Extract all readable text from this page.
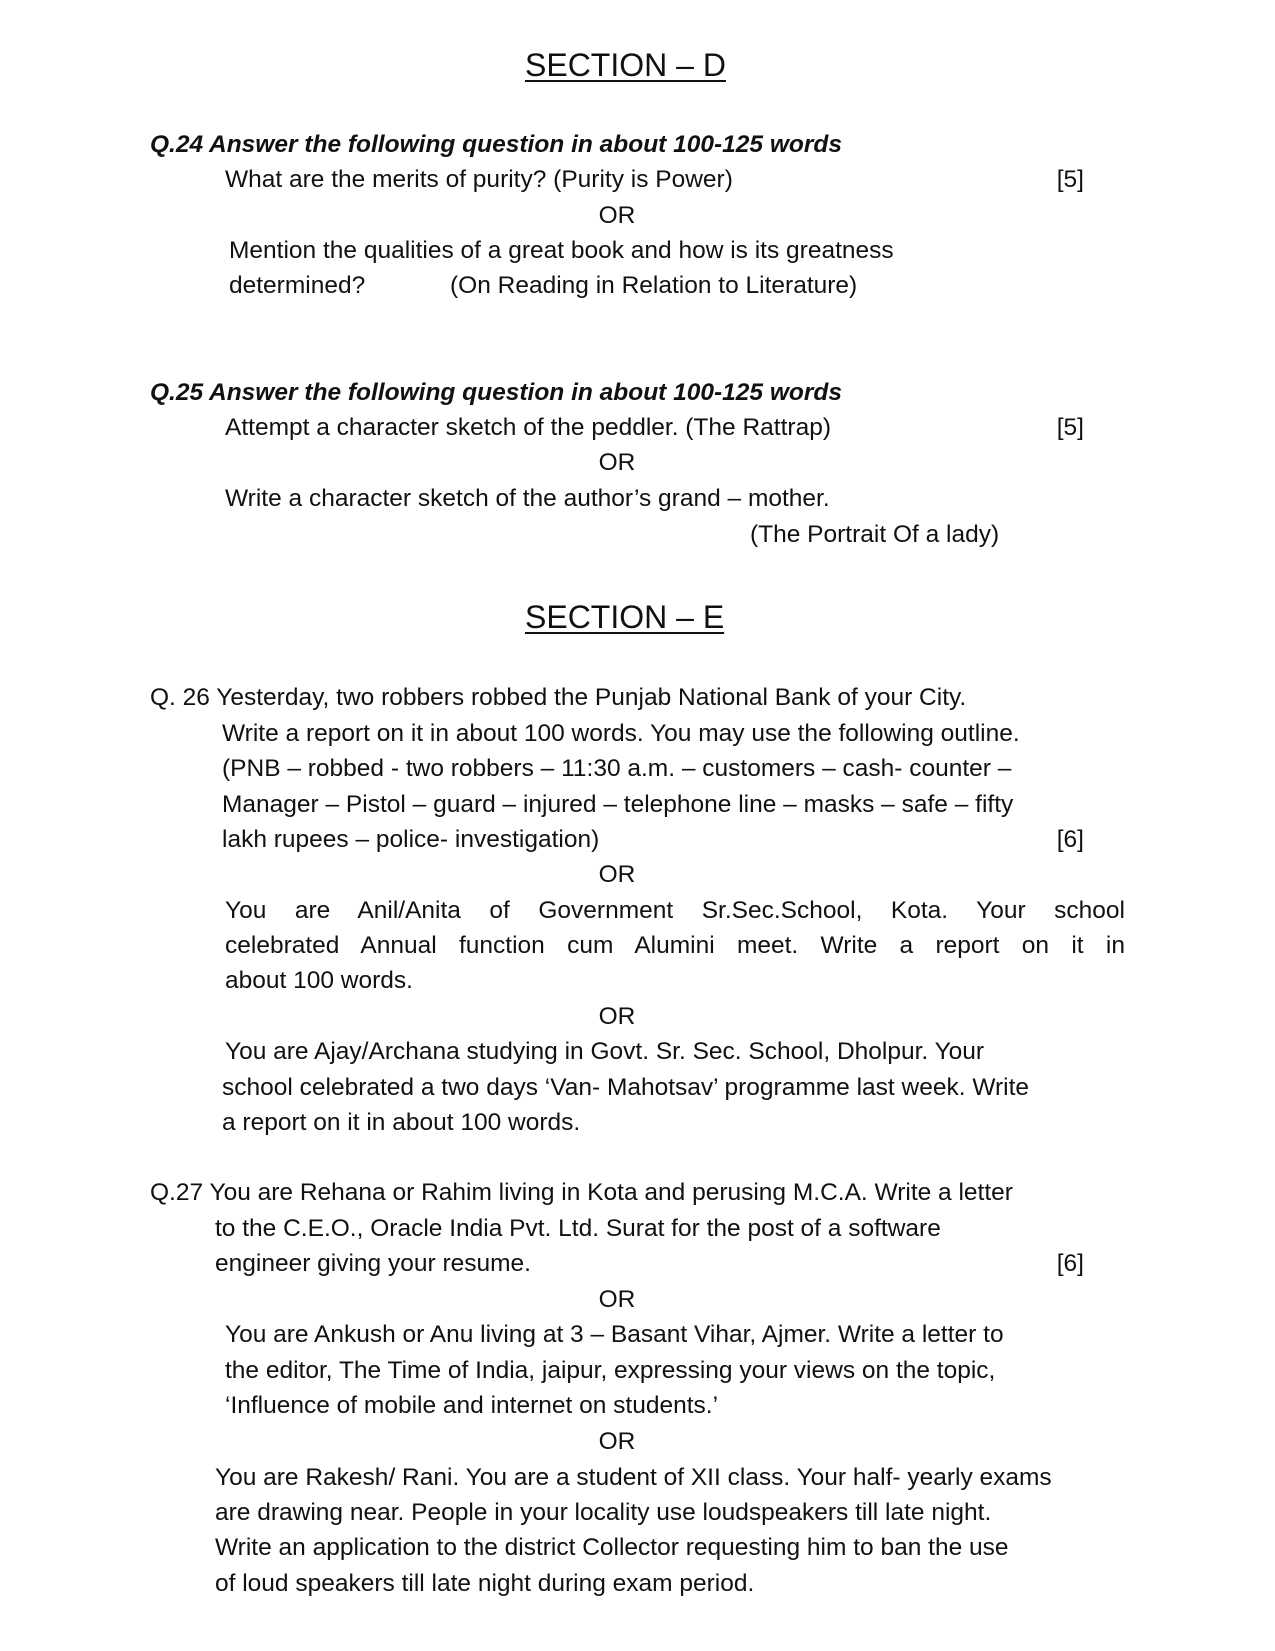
SECTION – D
Q.24 Answer the following question in about 100-125 words
What are the merits of purity? (Purity is Power)	[5]
OR
Mention the qualities of a great book and how is its greatness
determined?	(On Reading in Relation to Literature)
Q.25 Answer the following question in about 100-125 words
Attempt a character sketch of the peddler. (The Rattrap)	[5]
OR
Write a character sketch of the author’s grand – mother.
(The Portrait Of a lady)
SECTION – E
Q. 26 Yesterday, two robbers robbed the Punjab National Bank of your City.
Write a report on it in about 100 words. You may use the following outline.
(PNB – robbed - two robbers – 11:30 a.m. – customers – cash- counter –
Manager – Pistol – guard – injured – telephone line – masks – safe – fifty
lakh rupees – police- investigation)	[6]
OR
You are Anil/Anita of Government Sr.Sec.School, Kota. Your school
celebrated Annual function cum Alumini meet. Write a report on it in
about 100 words.
OR
You are Ajay/Archana studying in Govt. Sr. Sec. School, Dholpur. Your
school celebrated a two days ‘Van- Mahotsav’ programme last week. Write
a report on it in about 100 words.
Q.27 You are Rehana or Rahim living in Kota and perusing M.C.A. Write a letter
to the C.E.O., Oracle India Pvt. Ltd. Surat for the post of a software
engineer giving your resume.	[6]
OR
You are Ankush or Anu living at 3 – Basant Vihar, Ajmer. Write a letter to
the editor, The Time of India, jaipur, expressing your views on the topic,
‘Influence of mobile and internet on students.’
OR
You are Rakesh/ Rani. You are a student of XII class. Your half- yearly exams
are drawing near. People in your locality use loudspeakers till late night.
Write an application to the district Collector requesting him to ban the use
of loud speakers till late night during exam period.
